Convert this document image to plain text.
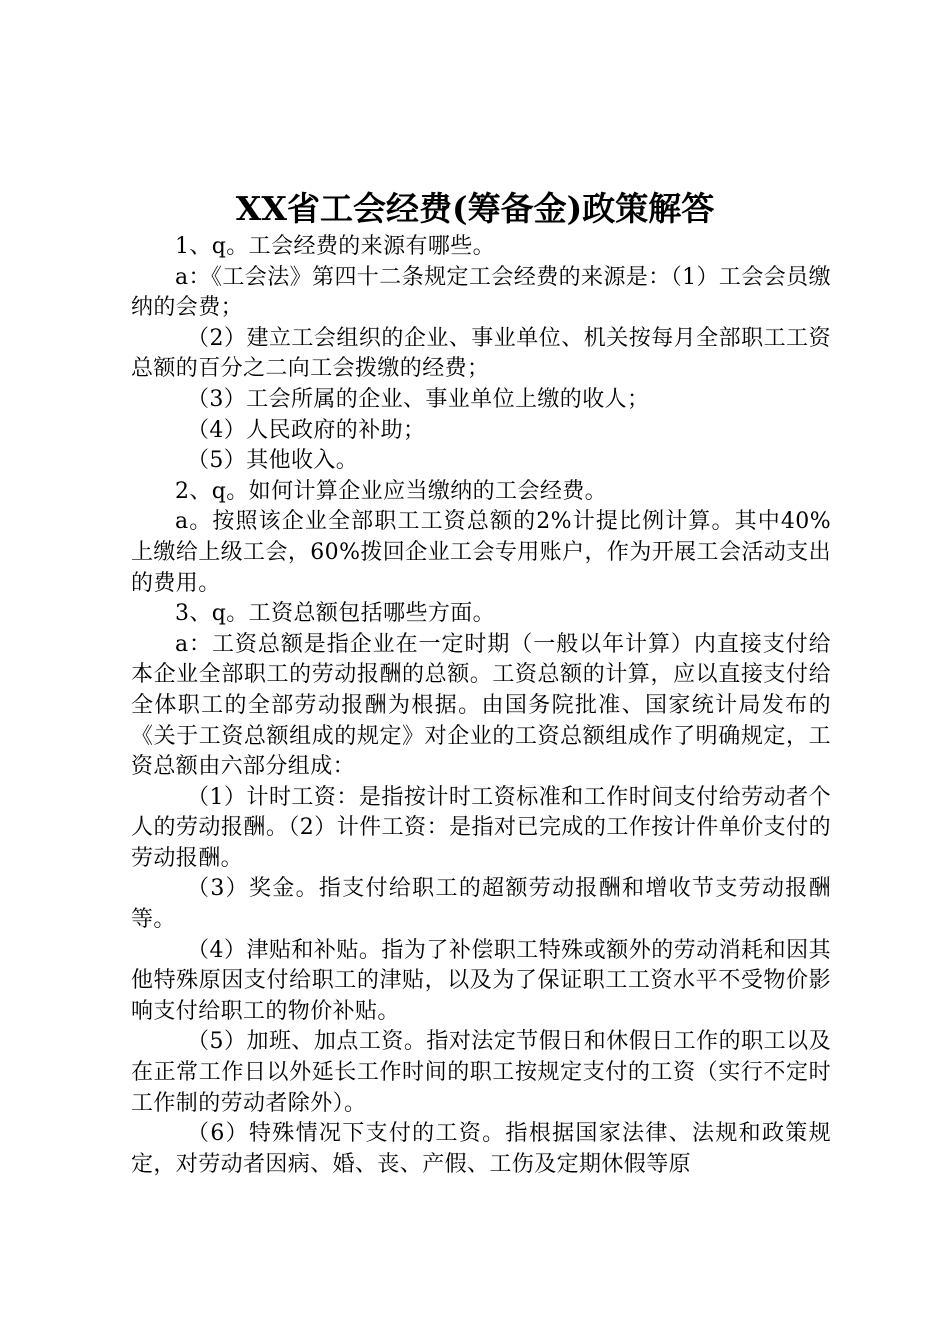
XX省工会经费(筹备金)政策解答

1、q。工会经费的来源有哪些。

a：《工会法》第四十二条规定工会经费的来源是：（1）工会会员缴纳的会费；

（2）建立工会组织的企业、事业单位、机关按每月全部职工工资总额的百分之二向工会拨缴的经费；

（3）工会所属的企业、事业单位上缴的收人；

（4）人民政府的补助；

（5）其他收入。

2、q。如何计算企业应当缴纳的工会经费。

a。按照该企业全部职工工资总额的2%计提比例计算。其中40%上缴给上级工会，60%拨回企业工会专用账户，作为开展工会活动支出的费用。

3、q。工资总额包括哪些方面。

a：工资总额是指企业在一定时期（一般以年计算）内直接支付给本企业全部职工的劳动报酬的总额。工资总额的计算，应以直接支付给全体职工的全部劳动报酬为根据。由国务院批准、国家统计局发布的《关于工资总额组成的规定》对企业的工资总额组成作了明确规定，工资总额由六部分组成：

（1）计时工资：是指按计时工资标准和工作时间支付给劳动者个人的劳动报酬。（2）计件工资：是指对已完成的工作按计件单价支付的劳动报酬。

（3）奖金。指支付给职工的超额劳动报酬和增收节支劳动报酬等。

（4）津贴和补贴。指为了补偿职工特殊或额外的劳动消耗和因其他特殊原因支付给职工的津贴，以及为了保证职工工资水平不受物价影响支付给职工的物价补贴。

（5）加班、加点工资。指对法定节假日和休假日工作的职工以及在正常工作日以外延长工作时间的职工按规定支付的工资（实行不定时工作制的劳动者除外）。

（6）特殊情况下支付的工资。指根据国家法律、法规和政策规定，对劳动者因病、婚、丧、产假、工伤及定期休假等原
